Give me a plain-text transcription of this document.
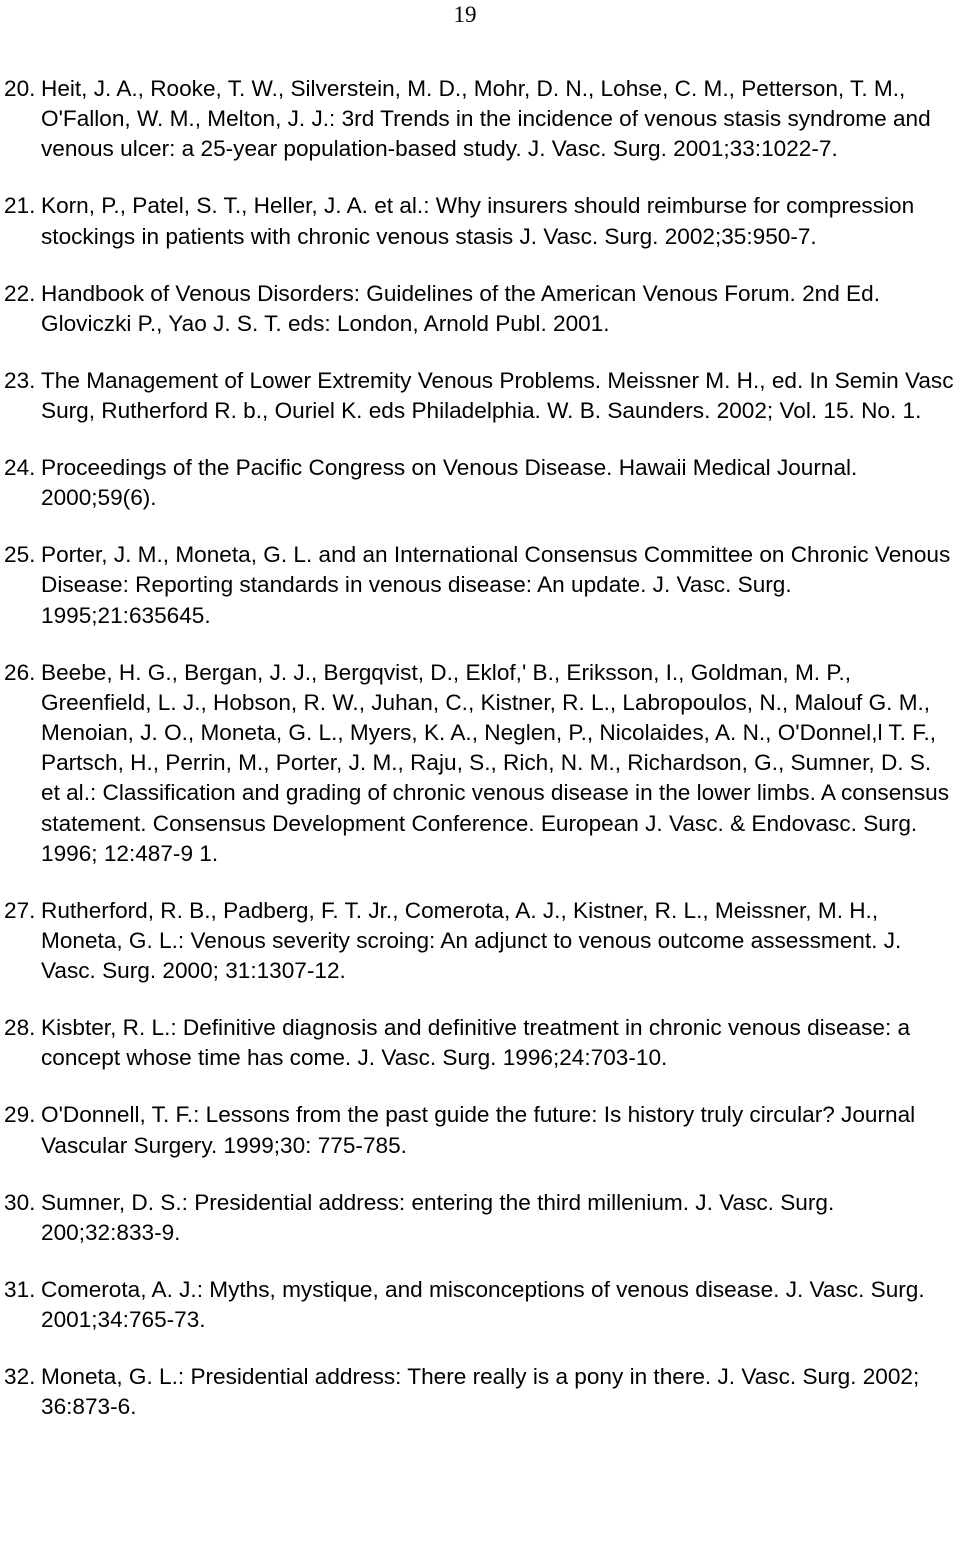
19
20. Heit, J. A., Rooke, T. W., Silverstein, M. D., Mohr, D. N., Lohse, C. M., Petterson, T. M., O'Fallon, W. M., Melton, J. J.: 3rd Trends in the incidence of venous stasis syndrome and venous ulcer: a 25-year population-based study. J. Vasc. Surg. 2001;33:1022-7.
21. Korn, P., Patel, S. T., Heller, J. A. et al.: Why insurers should reimburse for compression stockings in patients with chronic venous stasis J. Vasc. Surg. 2002;35:950-7.
22. Handbook of Venous Disorders: Guidelines of the American Venous Forum. 2nd Ed. Gloviczki P., Yao J. S. T. eds: London, Arnold Publ. 2001.
23. The Management of Lower Extremity Venous Problems. Meissner M. H., ed. In Semin Vasc Surg, Rutherford R. b., Ouriel K. eds Philadelphia. W. B. Saunders. 2002; Vol. 15. No. 1.
24. Proceedings of the Pacific Congress on Venous Disease. Hawaii Medical Journal. 2000;59(6).
25. Porter, J. M., Moneta, G. L. and an International Consensus Committee on Chronic Venous Disease: Reporting standards in venous disease: An update. J. Vasc. Surg. 1995;21:635645.
26. Beebe, H. G., Bergan, J. J., Bergqvist, D., Eklof,' B., Eriksson, I., Goldman, M. P., Greenfield, L. J., Hobson, R. W., Juhan, C., Kistner, R. L., Labropoulos, N., Malouf G. M., Menoian, J. O., Moneta, G. L., Myers, K. A., Neglen, P., Nicolaides, A. N., O'Donnel,l T. F., Partsch, H., Perrin, M., Porter, J. M., Raju, S., Rich, N. M., Richardson, G., Sumner, D. S. et al.: Classification and grading of chronic venous disease in the lower limbs. A consensus statement. Consensus Development Conference. European J. Vasc. & Endovasc. Surg. 1996; 12:487-9 1.
27. Rutherford, R. B., Padberg, F. T. Jr., Comerota, A. J., Kistner, R. L., Meissner, M. H., Moneta, G. L.: Venous severity scroing: An adjunct to venous outcome assessment. J. Vasc. Surg. 2000; 31:1307-12.
28. Kisbter, R. L.: Definitive diagnosis and definitive treatment in chronic venous disease: a concept whose time has come. J. Vasc. Surg. 1996;24:703-10.
29. O'Donnell, T. F.: Lessons from the past guide the future: Is history truly circular? Journal Vascular Surgery. 1999;30: 775-785.
30. Sumner, D. S.: Presidential address: entering the third millenium. J. Vasc. Surg. 200;32:833-9.
31. Comerota, A. J.: Myths, mystique, and misconceptions of venous disease. J. Vasc. Surg. 2001;34:765-73.
32. Moneta, G. L.: Presidential address: There really is a pony in there. J. Vasc. Surg. 2002; 36:873-6.
